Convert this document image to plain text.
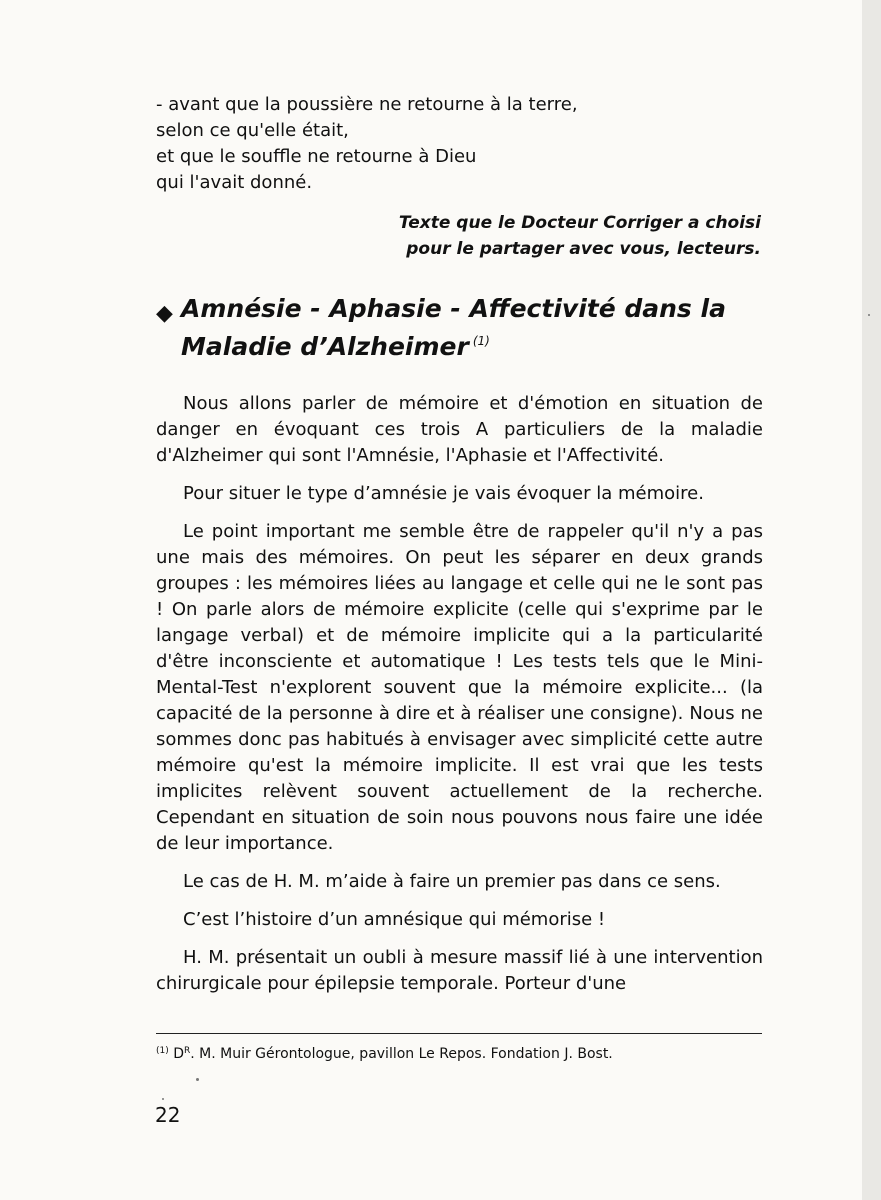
- avant que la poussière ne retourne à la terre,
selon ce qu'elle était,
et que le souffle ne retourne à Dieu
qui l'avait donné.
Texte que le Docteur Corriger a choisi
pour le partager avec vous, lecteurs.
◆ Amnésie - Aphasie - Affectivité dans la
Maladie d’Alzheimer $^{(1)}$

Nous allons parler de mémoire et d'émotion en situation de danger en évoquant ces trois A particuliers de la maladie d'Alzheimer qui sont l'Amnésie, l'Aphasie et l'Affectivité.

Pour situer le type d’amnésie je vais évoquer la mémoire.

Le point important me semble être de rappeler qu'il n'y a pas une mais des mémoires. On peut les séparer en deux grands groupes : les mémoires liées au langage et celle qui ne le sont pas ! On parle alors de mémoire explicite (celle qui s'exprime par le langage verbal) et de mémoire implicite qui a la particularité d'être inconsciente et automatique ! Les tests tels que le Mini-Mental-Test n'explorent souvent que la mémoire explicite... (la capacité de la personne à dire et à réaliser une consigne). Nous ne sommes donc pas habitués à envisager avec simplicité cette autre mémoire qu'est la mémoire implicite. Il est vrai que les tests implicites relèvent souvent actuellement de la recherche. Cependant en situation de soin nous pouvons nous faire une idée de leur importance.

Le cas de H. M. m’aide à faire un premier pas dans ce sens.

C’est l’histoire d’un amnésique qui mémorise !

H. M. présentait un oubli à mesure massif lié à une intervention chirurgicale pour épilepsie temporale. Porteur d'une

$^{(1)}$ $D^R$. M. Muir Gérontologue, pavillon Le Repos. Fondation J. Bost.
22
